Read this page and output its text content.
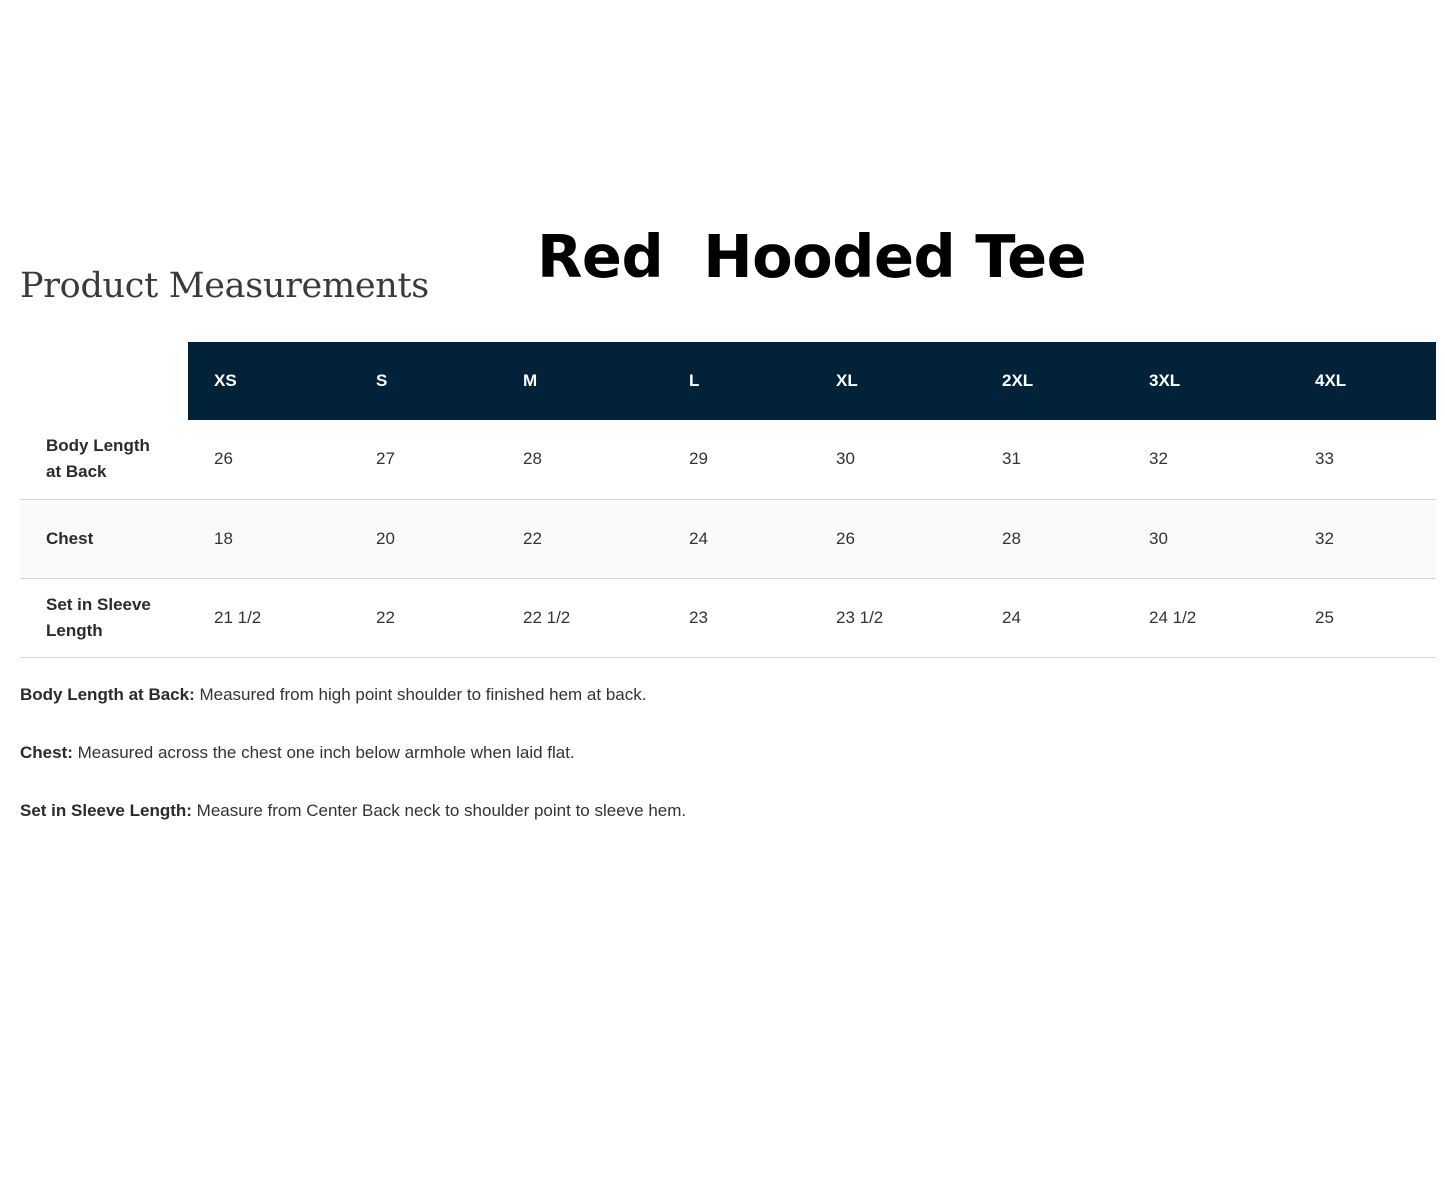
Red  Hooded Tee
Product Measurements
	XS	S	M	L	XL	2XL	3XL	4XL
Body Length at Back	26	27	28	29	30	31	32	33
Chest	18	20	22	24	26	28	30	32
Set in Sleeve Length	21 1/2	22	22 1/2	23	23 1/2	24	24 1/2	25

Body Length at Back: Measured from high point shoulder to finished hem at back.

Chest: Measured across the chest one inch below armhole when laid flat.

Set in Sleeve Length: Measure from Center Back neck to shoulder point to sleeve hem.
